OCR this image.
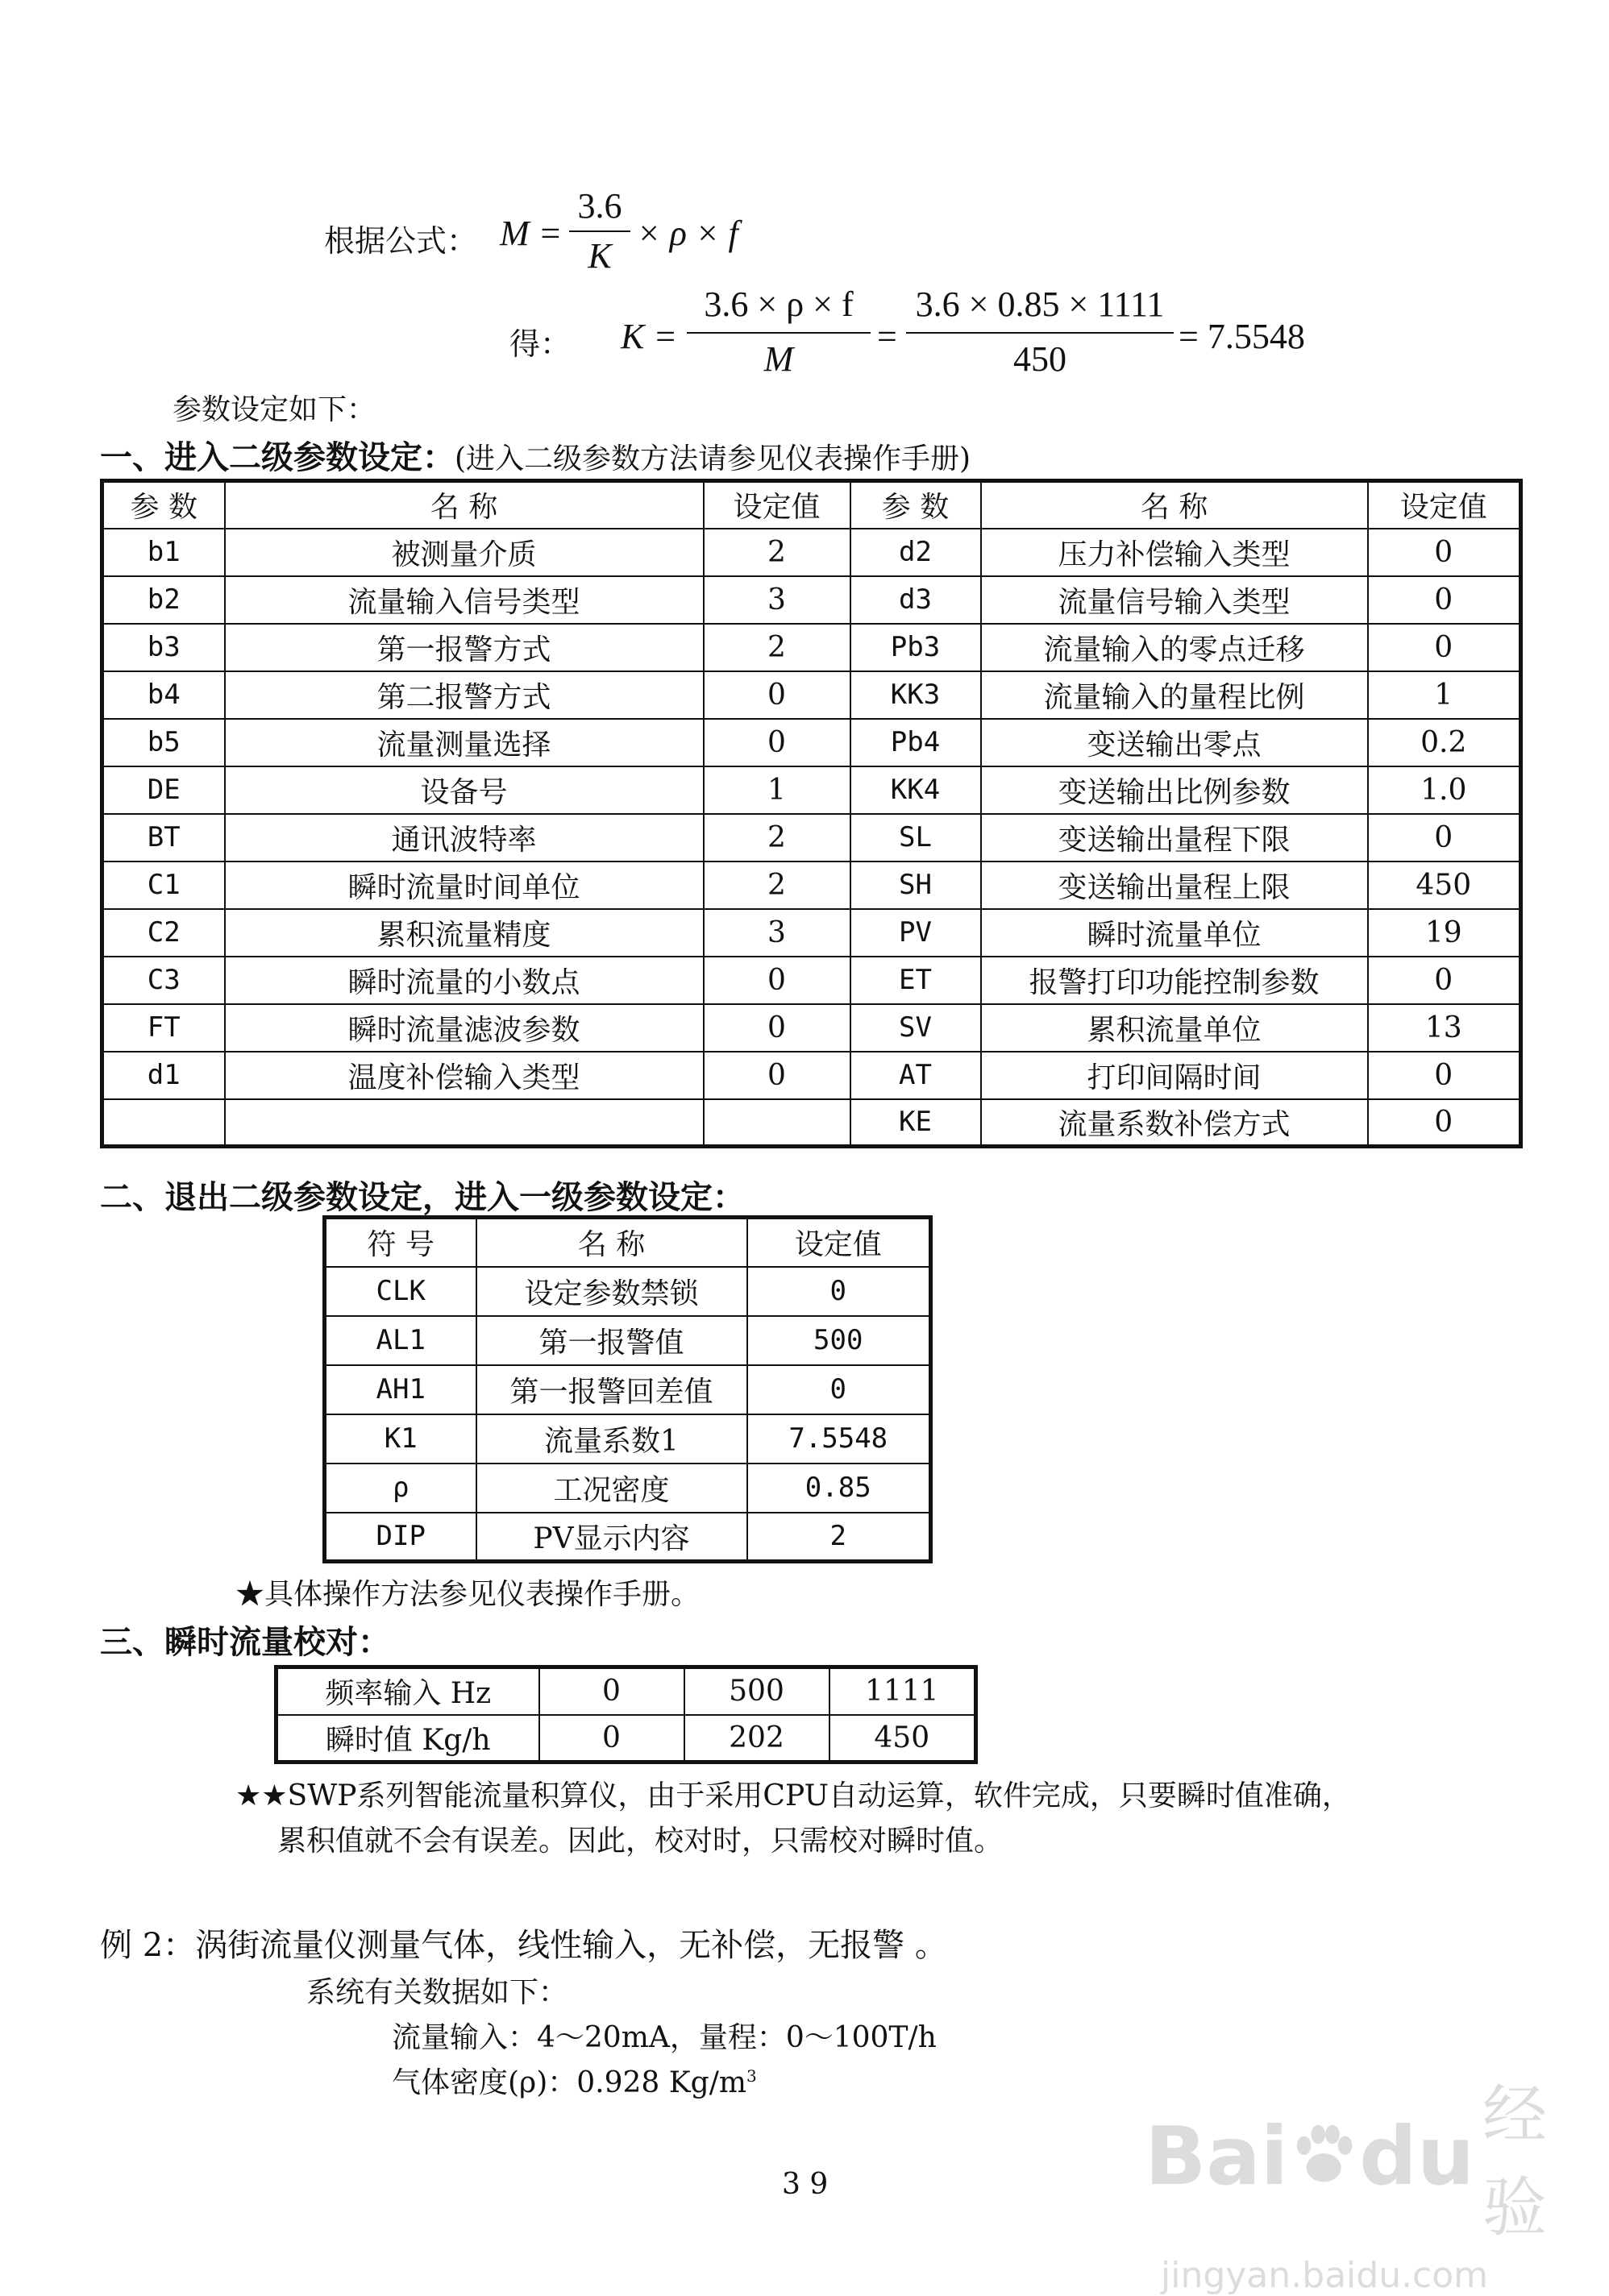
根据公式： M =
3.6
K
× ρ × f
得： K =
3.6 × ρ × f
M
=
3.6 × 0.85 × 1111
450
= 7.5548
参数设定如下：
一、进入二级参数设定：(进入二级参数方法请参见仪表操作手册)
参 数	名 称	设定值	参 数	名 称	设定值
b1	被测量介质	2	d2	压力补偿输入类型	0
b2	流量输入信号类型	3	d3	流量信号输入类型	0
b3	第一报警方式	2	Pb3	流量输入的零点迁移	0
b4	第二报警方式	0	KK3	流量输入的量程比例	1
b5	流量测量选择	0	Pb4	变送输出零点	0.2
DE	设备号	1	KK4	变送输出比例参数	1.0
BT	通讯波特率	2	SL	变送输出量程下限	0
C1	瞬时流量时间单位	2	SH	变送输出量程上限	450
C2	累积流量精度	3	PV	瞬时流量单位	19
C3	瞬时流量的小数点	0	ET	报警打印功能控制参数	0
FT	瞬时流量滤波参数	0	SV	累积流量单位	13
d1	温度补偿输入类型	0	AT	打印间隔时间	0
			KE	流量系数补偿方式	0
二、退出二级参数设定，进入一级参数设定：
符 号	名 称	设定值
CLK	设定参数禁锁	0
AL1	第一报警值	500
AH1	第一报警回差值	0
K1	流量系数1	7.5548
ρ	工况密度	0.85
DIP	PV显示内容	2
★具体操作方法参见仪表操作手册。
三、瞬时流量校对：
频率输入 Hz	0	500	1111
瞬时值 Kg/h	0	202	450
★★SWP系列智能流量积算仪，由于采用CPU自动运算，软件完成，只要瞬时值准确，
累积值就不会有误差。因此，校对时，只需校对瞬时值。
例 2：涡街流量仪测量气体，线性输入，无补偿，无报警 。
系统有关数据如下：
流量输入：4～20mA，量程：0～100T/h
气体密度(ρ)：0.928 $Kg/m^3$
3 9	Bai du 经验
jingyan.baidu.com
